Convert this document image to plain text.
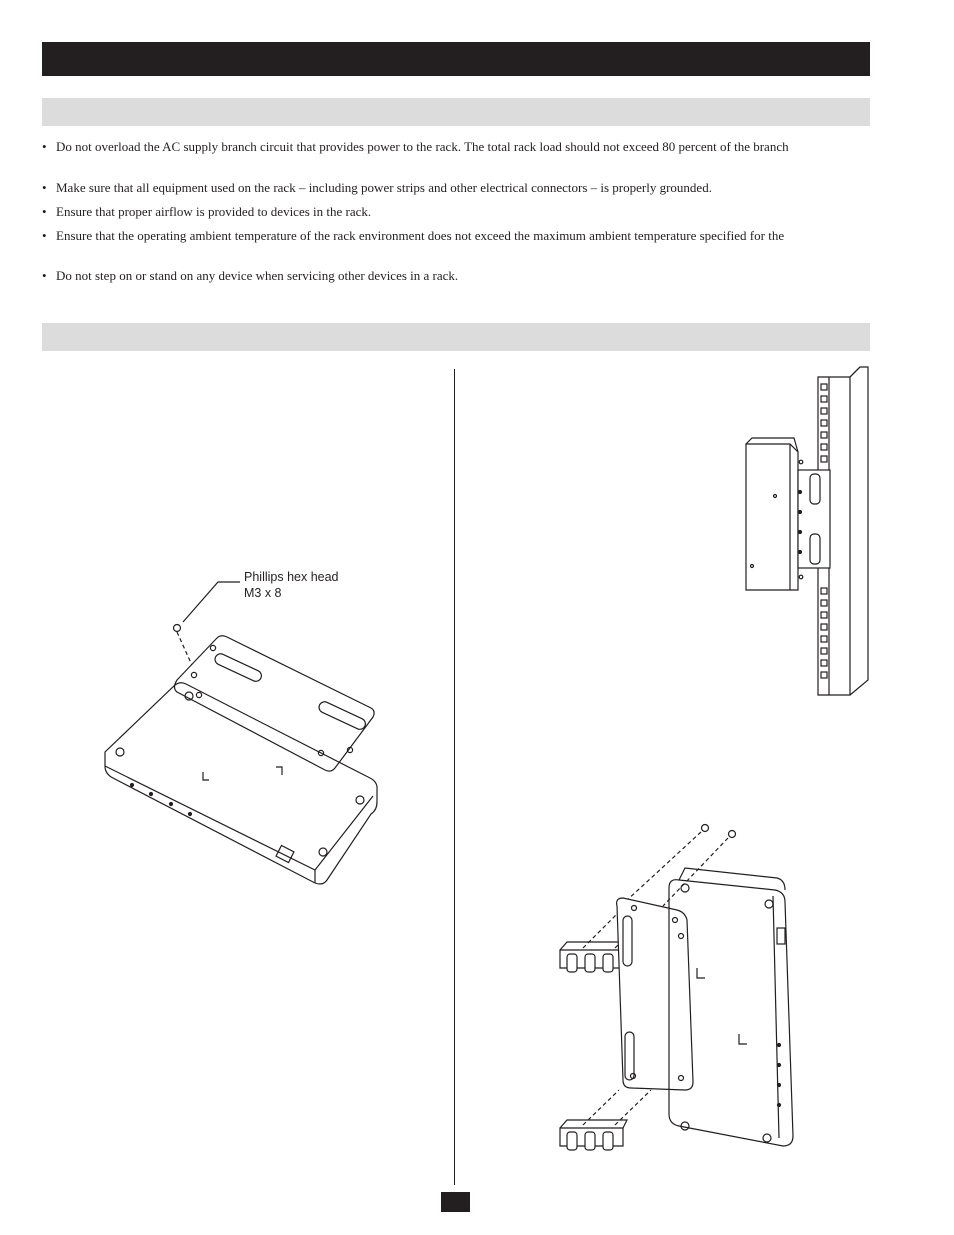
• Do not overload the AC supply branch circuit that provides power to the rack. The total rack load should not exceed 80 percent of the branch
• Make sure that all equipment used on the rack – including power strips and other electrical connectors – is properly grounded.
• Ensure that proper airflow is provided to devices in the rack.
• Ensure that the operating ambient temperature of the rack environment does not exceed the maximum ambient temperature specified for the
• Do not step on or stand on any device when servicing other devices in a rack.
Phillips hex head
M3 x 8
